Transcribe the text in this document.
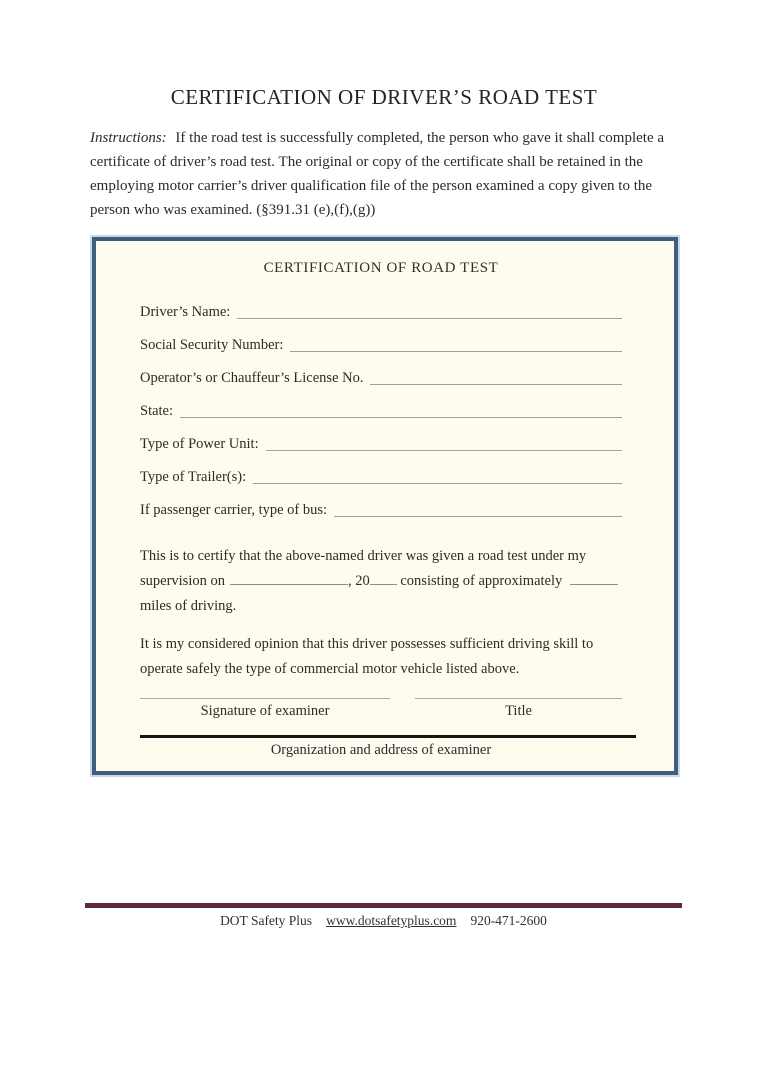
CERTIFICATION OF DRIVER’S ROAD TEST
Instructions: If the road test is successfully completed, the person who gave it shall complete a
certificate of driver’s road test. The original or copy of the certificate shall be retained in the
employing motor carrier’s driver qualification file of the person examined a copy given to the
person who was examined. (§391.31 (e),(f),(g))
CERTIFICATION OF ROAD TEST
Driver’s Name:
Social Security Number:
Operator’s or Chauffeur’s License No.
State:
Type of Power Unit:
Type of Trailer(s):
If passenger carrier, type of bus:
This is to certify that the above-named driver was given a road test under my
supervision on	, 20 consisting of approximately
miles of driving.
It is my considered opinion that this driver possesses sufficient driving skill to
operate safely the type of commercial motor vehicle listed above.
Signature of examiner	Title
Organization and address of examiner
DOT Safety Plus www.dotsafetyplus.com 920-471-2600
